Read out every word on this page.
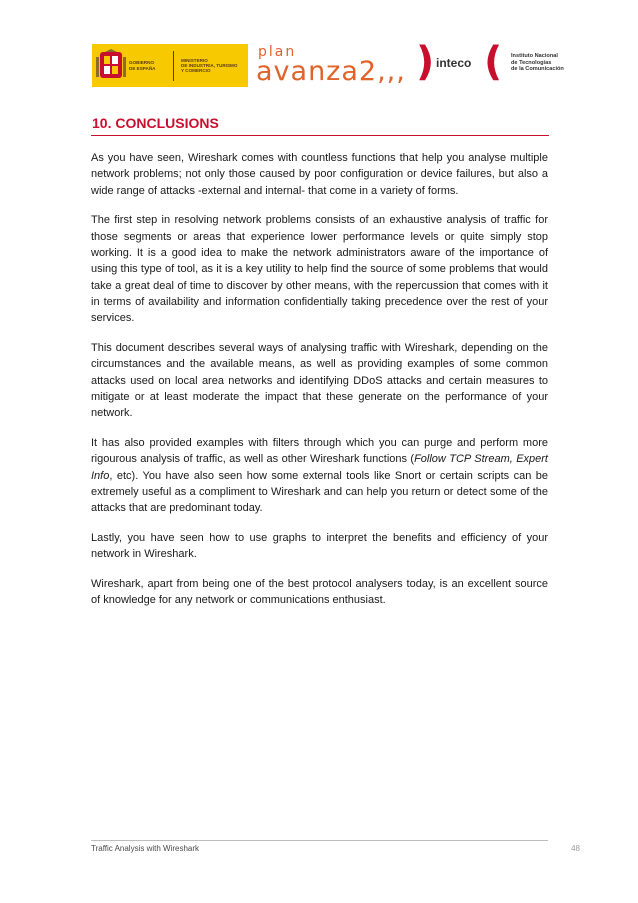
GOBIERNO
DE ESPAÑA
MINISTERIO
DE INDUSTRIA, TURISMO
Y COMERCIO
plan
avanza2,,, ) inteco ( Instituto Nacional
de Tecnologías
de la Comunicación
10. CONCLUSIONS

As you have seen, Wireshark comes with countless functions that help you analyse multiple network problems; not only those caused by poor configuration or device failures, but also a wide range of attacks -external and internal- that come in a variety of forms.

The first step in resolving network problems consists of an exhaustive analysis of traffic for those segments or areas that experience lower performance levels or quite simply stop working. It is a good idea to make the network administrators aware of the importance of using this type of tool, as it is a key utility to help find the source of some problems that would take a great deal of time to discover by other means, with the repercussion that comes with it in terms of availability and information confidentially taking precedence over the rest of your services.

This document describes several ways of analysing traffic with Wireshark, depending on the circumstances and the available means, as well as providing examples of some common attacks used on local area networks and identifying DDoS attacks and certain measures to mitigate or at least moderate the impact that these generate on the performance of your network.

It has also provided examples with filters through which you can purge and perform more rigourous analysis of traffic, as well as other Wireshark functions (Follow TCP Stream, Expert Info, etc). You have also seen how some external tools like Snort or certain scripts can be extremely useful as a compliment to Wireshark and can help you return or detect some of the attacks that are predominant today.

Lastly, you have seen how to use graphs to interpret the benefits and efficiency of your network in Wireshark.

Wireshark, apart from being one of the best protocol analysers today, is an excellent source of knowledge for any network or communications enthusiast.

Traffic Analysis with Wireshark	48
